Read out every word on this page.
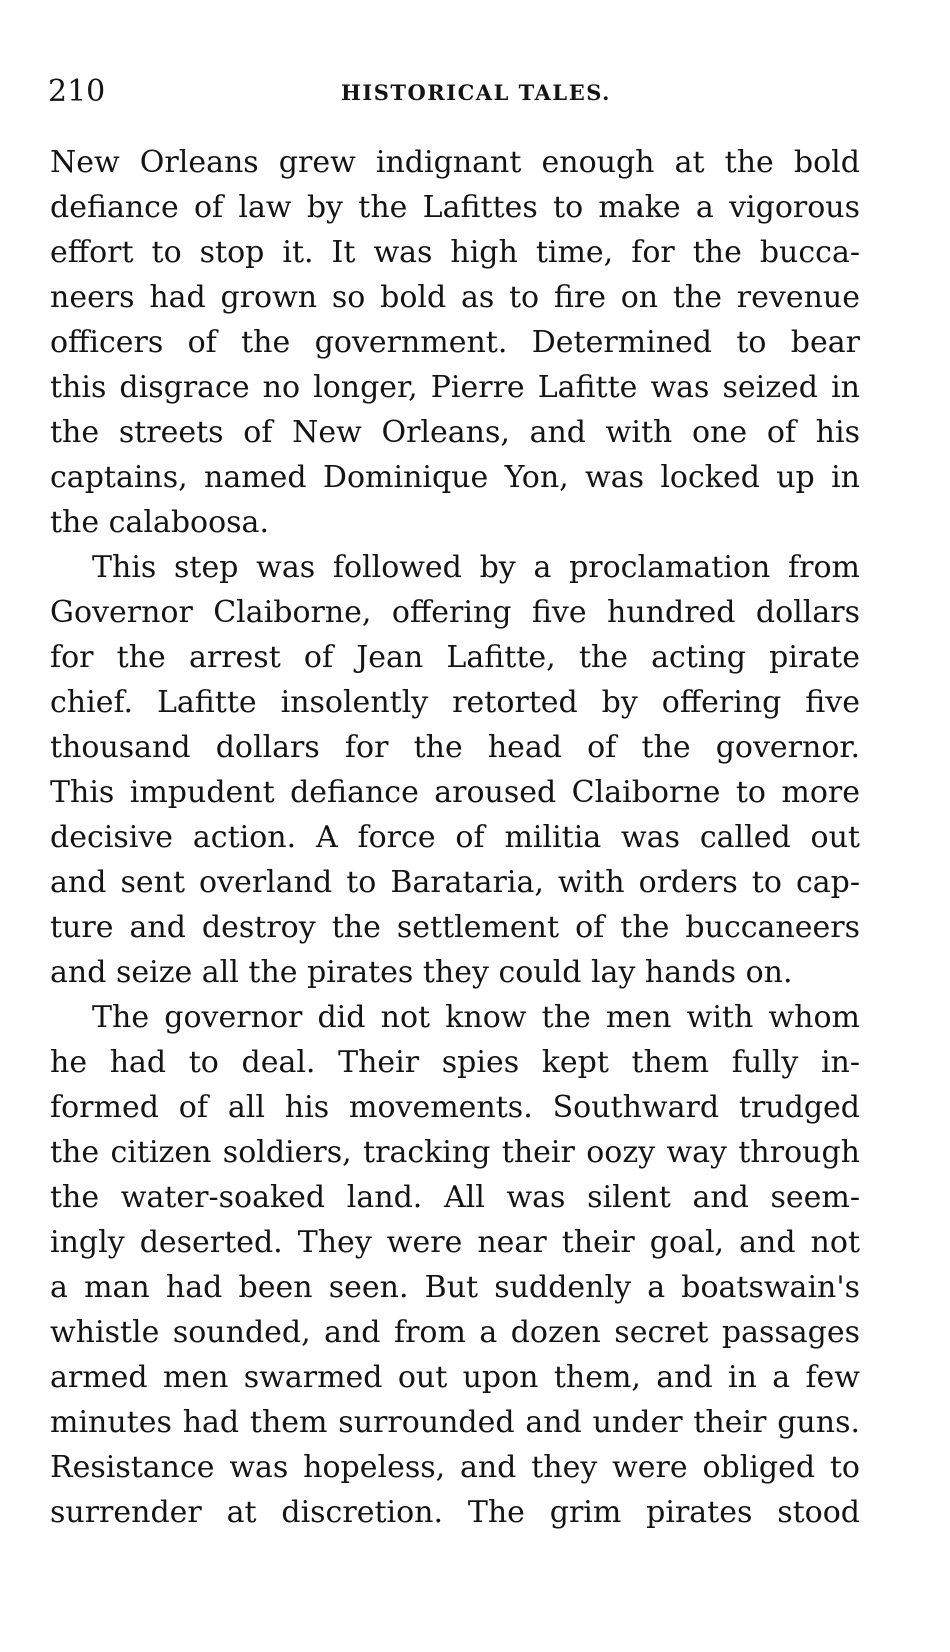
210	HISTORICAL TALES.
New Orleans grew indignant enough at the bold
defiance of law by the Lafittes to make a vigorous
effort to stop it. It was high time, for the bucca-
neers had grown so bold as to fire on the revenue
officers of the government. Determined to bear
this disgrace no longer, Pierre Lafitte was seized in
the streets of New Orleans, and with one of his
captains, named Dominique Yon, was locked up in
the calaboosa.
This step was followed by a proclamation from
Governor Claiborne, offering five hundred dollars
for the arrest of Jean Lafitte, the acting pirate
chief. Lafitte insolently retorted by offering five
thousand dollars for the head of the governor.
This impudent defiance aroused Claiborne to more
decisive action. A force of militia was called out
and sent overland to Barataria, with orders to cap-
ture and destroy the settlement of the buccaneers
and seize all the pirates they could lay hands on.
The governor did not know the men with whom
he had to deal. Their spies kept them fully in-
formed of all his movements. Southward trudged
the citizen soldiers, tracking their oozy way through
the water-soaked land. All was silent and seem-
ingly deserted. They were near their goal, and not
a man had been seen. But suddenly a boatswain's
whistle sounded, and from a dozen secret passages
armed men swarmed out upon them, and in a few
minutes had them surrounded and under their guns.
Resistance was hopeless, and they were obliged to
surrender at discretion. The grim pirates stood
